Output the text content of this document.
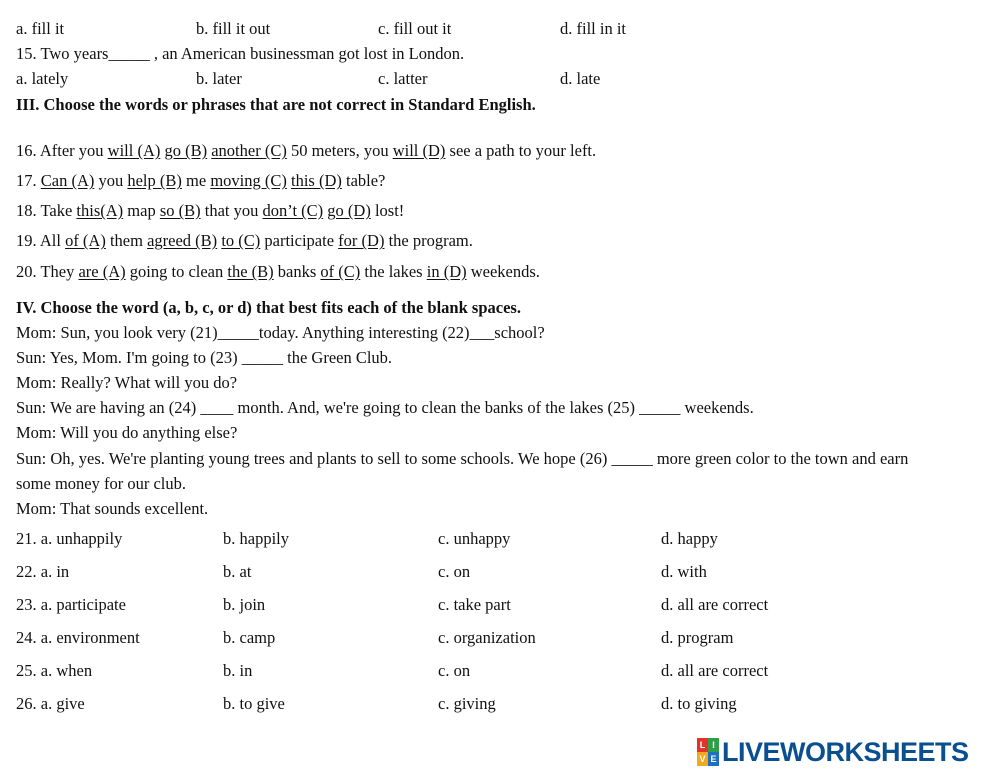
a. fill it	b. fill it out	c. fill out it	d. fill in it
15. Two years_____ , an American businessman got lost in London.
a. lately	b. later	c. latter	d. late
III. Choose the words or phrases that are not correct in Standard English.
16. After you will (A) go (B) another (C) 50 meters, you will (D) see a path to your left.
17. Can (A) you help (B) me moving (C) this (D) table?
18. Take this(A) map so (B) that you don’t (C) go (D) lost!
19. All of (A) them agreed (B) to (C) participate for (D) the program.
20. They are (A) going to clean the (B) banks of (C) the lakes in (D) weekends.
IV. Choose the word (a, b, c, or d) that best fits each of the blank spaces.
Mom: Sun, you look very (21)_____today. Anything interesting (22)___school?
Sun: Yes, Mom. I'm going to (23) _____ the Green Club.
Mom: Really? What will you do?
Sun: We are having an (24) ____ month. And, we're going to clean the banks of the lakes (25) _____ weekends.
Mom: Will you do anything else?
Sun: Oh, yes. We're planting young trees and plants to sell to some schools. We hope (26) _____ more green color to the town and earn
some money for our club.
Mom: That sounds excellent.
21. a. unhappily	b. happily	c. unhappy	d. happy
22. a. in	b. at	c. on	d. with
23. a. participate	b. join	c. take part	d. all are correct
24. a. environment	b. camp	c. organization	d. program
25. a. when	b. in	c. on	d. all are correct
26. a. give	b. to give	c. giving	d. to giving
L I
V E LIVEWORKSHEETS
